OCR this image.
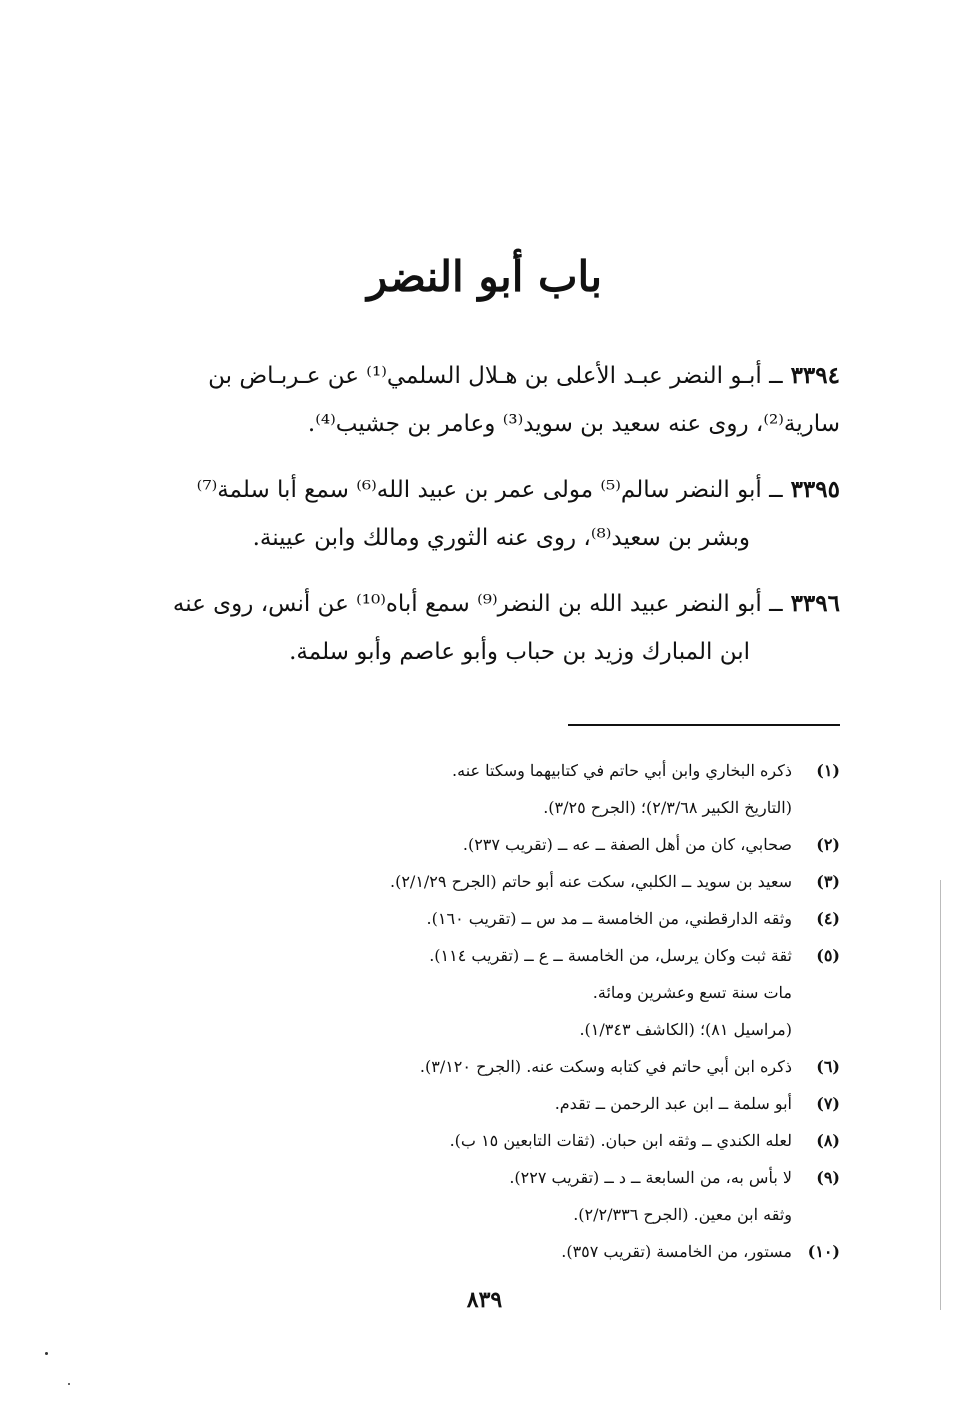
باب أبو النضر
٣٣٩٤ــ أبـو النضر عبـد الأعلى بن هـلال السلمي⁽¹⁾ عن عـربـاض بن
سارية⁽²⁾، روى عنه سعيد بن سويد⁽³⁾ وعامر بن جشيب⁽⁴⁾.
٣٣٩٥ــ أبو النضر سالم⁽⁵⁾ مولى عمر بن عبيد الله⁽⁶⁾ سمع أبا سلمة⁽⁷⁾
وبشر بن سعيد⁽⁸⁾، روى عنه الثوري ومالك وابن عيينة.
٣٣٩٦ــ أبو النضر عبيد الله بن النضر⁽⁹⁾ سمع أباه⁽¹⁰⁾ عن أنس، روى عنه
ابن المبارك وزيد بن حباب وأبو عاصم وأبو سلمة.
(١)
ذكره البخاري وابن أبي حاتم في كتابيهما وسكتا عنه.
(التاريخ الكبير ٢/٣/٦٨)؛ (الجرح ٣/٢٥).
(٢)
صحابي، كان من أهل الصفة ــ عه ــ (تقريب ٢٣٧).
(٣)
سعيد بن سويد ــ الكلبي، سكت عنه أبو حاتم (الجرح ٢/١/٢٩).
(٤)
وثقه الدارقطني، من الخامسة ــ مد س ــ (تقريب ١٦٠).
(٥)
ثقة ثبت وكان يرسل، من الخامسة ــ ع ــ (تقريب ١١٤).
مات سنة تسع وعشرين ومائة.
(مراسيل ٨١)؛ (الكاشف ١/٣٤٣).
(٦)
ذكره ابن أبي حاتم في كتابه وسكت عنه. (الجرح ٣/١٢٠).
(٧)
أبو سلمة ــ ابن عبد الرحمن ــ تقدم.
(٨)
لعله الكندي ــ وثقه ابن حبان. (ثقات التابعين ١٥ ب).
(٩)
لا بأس به، من السابعة ــ د ــ (تقريب ٢٢٧).
وثقه ابن معين. (الجرح ٢/٢/٣٣٦).
(١٠)
مستور، من الخامسة (تقريب ٣٥٧).
٨٣٩
